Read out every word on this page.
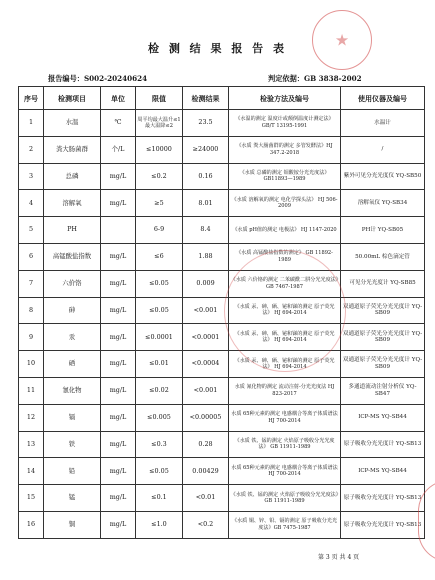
★
检 测 结 果 报 告 表
报告编号：S002-20240624	判定依据：GB 3838-2002
序号	检测项目	单位	限值	检测结果	检验方法及编号	使用仪器及编号
1	水温	℃	周平均最大温升≤1 最大温降≤2	23.5	《水温的测定 温度计或颠倒温度计测定法》 GB/T 13195-1991	水温计
2	粪大肠菌群	个/L	≤10000	≥24000	《水质 粪大肠菌群的测定 多管发酵法》HJ 347.2-2018	/
3	总磷	mg/L	≤0.2	0.16	《水质 总磷的测定 钼酸铵分光光度法》GB11893—1989	紫外可见分光光度仪 YQ-SB50
4	溶解氧	mg/L	≥5	8.01	《水质 溶解氧的测定 电化学探头法》 HJ 506-2009	溶解氧仪 YQ-SB34
5	PH		6-9	8.4	《水质 pH值的测定 电极法》 HJ 1147-2020	PH计 YQ-SB05
6	高锰酸盐指数	mg/L	≤6	1.88	《水质 高锰酸盐指数的测定》 GB 11892-1989	50.00mL 棕色滴定管
7	六价铬	mg/L	≤0.05	0.009	《水质 六价铬的测定 二苯碳酰二肼分光光度法》GB 7467-1987	可见分光光度计 YQ-SB85
8	砷	mg/L	≤0.05	<0.001	《水质 汞、砷、硒、铋和锑的测定 原子荧光法》 HJ 694-2014	双通道原子荧光分光光度计 YQ-SB09
9	汞	mg/L	≤0.0001	<0.0001	《水质 汞、砷、硒、铋和锑的测定 原子荧光法》 HJ 694-2014	双通道原子荧光分光光度计 YQ-SB09
10	硒	mg/L	≤0.01	<0.0004	《水质 汞、砷、硒、铋和锑的测定 原子荧光法》 HJ 694-2014	双通道原子荧光分光光度计 YQ-SB09
11	氰化物	mg/L	≤0.02	<0.001	水质 氰化物的测定 流动注射-分光光度法 HJ 823-2017	多通道流动注射分析仪 YQ-SB47
12	镉	mg/L	≤0.005	<0.00005	水质 65种元素的测定 电感耦合等离子体质谱法 HJ 700-2014	ICP-MS YQ-SB44
13	铁	mg/L	≤0.3	0.28	《水质 铁、锰的测定 火焰原子吸收分光光度法》 GB 11911-1989	原子吸收分光光度计 YQ-SB13
14	铅	mg/L	≤0.05	0.00429	水质 65种元素的测定 电感耦合等离子体质谱法 HJ 700-2014	ICP-MS YQ-SB44
15	锰	mg/L	≤0.1	<0.01	《水质 铁、锰的测定 火焰原子吸收分光光度法》GB 11911-1989	原子吸收分光光度计 YQ-SB13
16	铜	mg/L	≤1.0	<0.2	《水质 铜、锌、铅、镉的测定 原子吸收分光光度法》GB 7475-1987	原子吸收分光光度计 YQ-SB13
第 3 页 共 4 页
